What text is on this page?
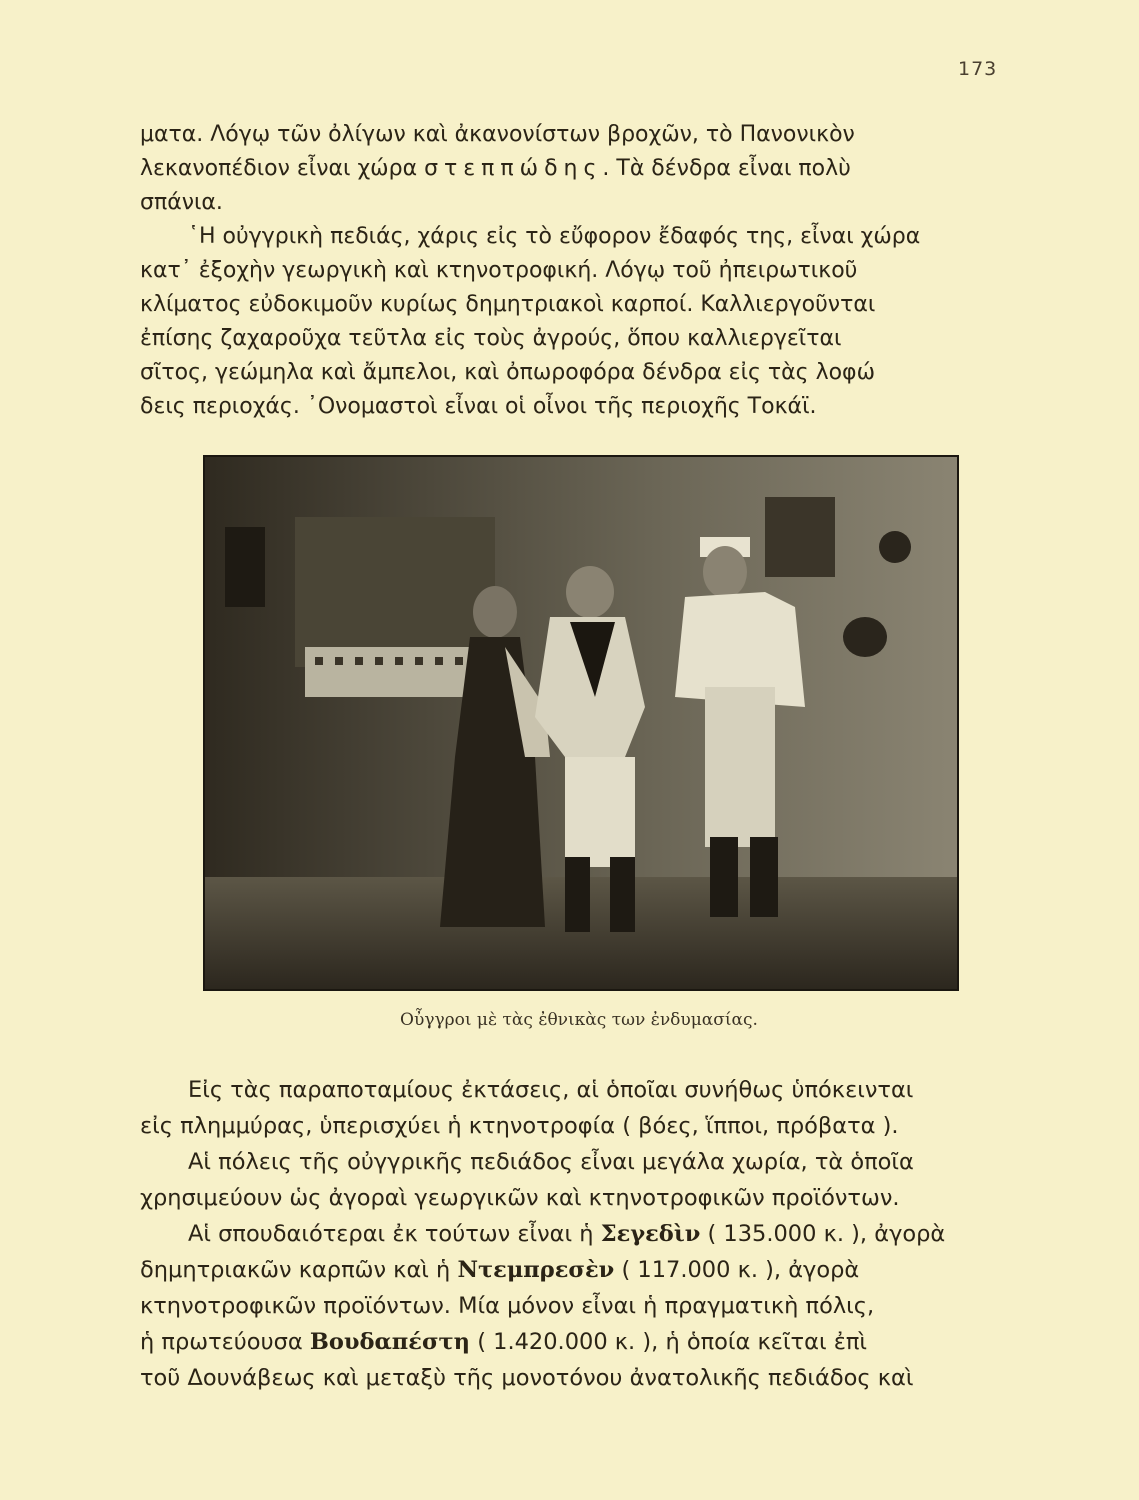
173
ματα. Λόγῳ τῶν ὀλίγων καὶ ἀκανονίστων βροχῶν, τὸ Πανονικὸν
λεκανοπέδιον εἶναι χώρα στεππώδης. Τὰ δένδρα εἶναι πολὺ
σπάνια.
῾Η οὐγγρικὴ πεδιάς, χάρις εἰς τὸ εὔφορον ἔδαφός της, εἶναι χώρα
κατ᾿ ἐξοχὴν γεωργικὴ καὶ κτηνοτροφική. Λόγῳ τοῦ ἠπειρωτικοῦ
κλίματος εὐδοκιμοῦν κυρίως δημητριακοὶ καρποί. Καλλιεργοῦνται
ἐπίσης ζαχαροῦχα τεῦτλα εἰς τοὺς ἀγρούς, ὅπου καλλιεργεῖται
σῖτος, γεώμηλα καὶ ἄμπελοι, καὶ ὀπωροφόρα δένδρα εἰς τὰς λοφώ
δεις περιοχάς. ᾿Ονομαστοὶ εἶναι οἱ οἶνοι τῆς περιοχῆς Τοκάϊ.
Οὖγγροι μὲ τὰς ἐθνικὰς των ἐνδυμασίας.
Εἰς τὰς παραποταμίους ἐκτάσεις, αἱ ὁποῖαι συνήθως ὑπόκεινται
εἰς πλημμύρας, ὑπερισχύει ἡ κτηνοτροφία ( βόες, ἵπποι, πρόβατα ).
Αἱ πόλεις τῆς οὐγγρικῆς πεδιάδος εἶναι μεγάλα χωρία, τὰ ὁποῖα
χρησιμεύουν ὡς ἀγοραὶ γεωργικῶν καὶ κτηνοτροφικῶν προϊόντων.
Αἱ σπουδαιότεραι ἐκ τούτων εἶναι ἡ Σεγεδὶν ( 135.000 κ. ), ἀγορὰ
δημητριακῶν καρπῶν καὶ ἡ Ντεμπρεσὲν ( 117.000 κ. ), ἀγορὰ
κτηνοτροφικῶν προϊόντων. Μία μόνον εἶναι ἡ πραγματικὴ πόλις,
ἡ πρωτεύουσα Βουδαπέστη ( 1.420.000 κ. ), ἡ ὁποία κεῖται ἐπὶ
τοῦ Δουνάβεως καὶ μεταξὺ τῆς μονοτόνου ἀνατολικῆς πεδιάδος καὶ
